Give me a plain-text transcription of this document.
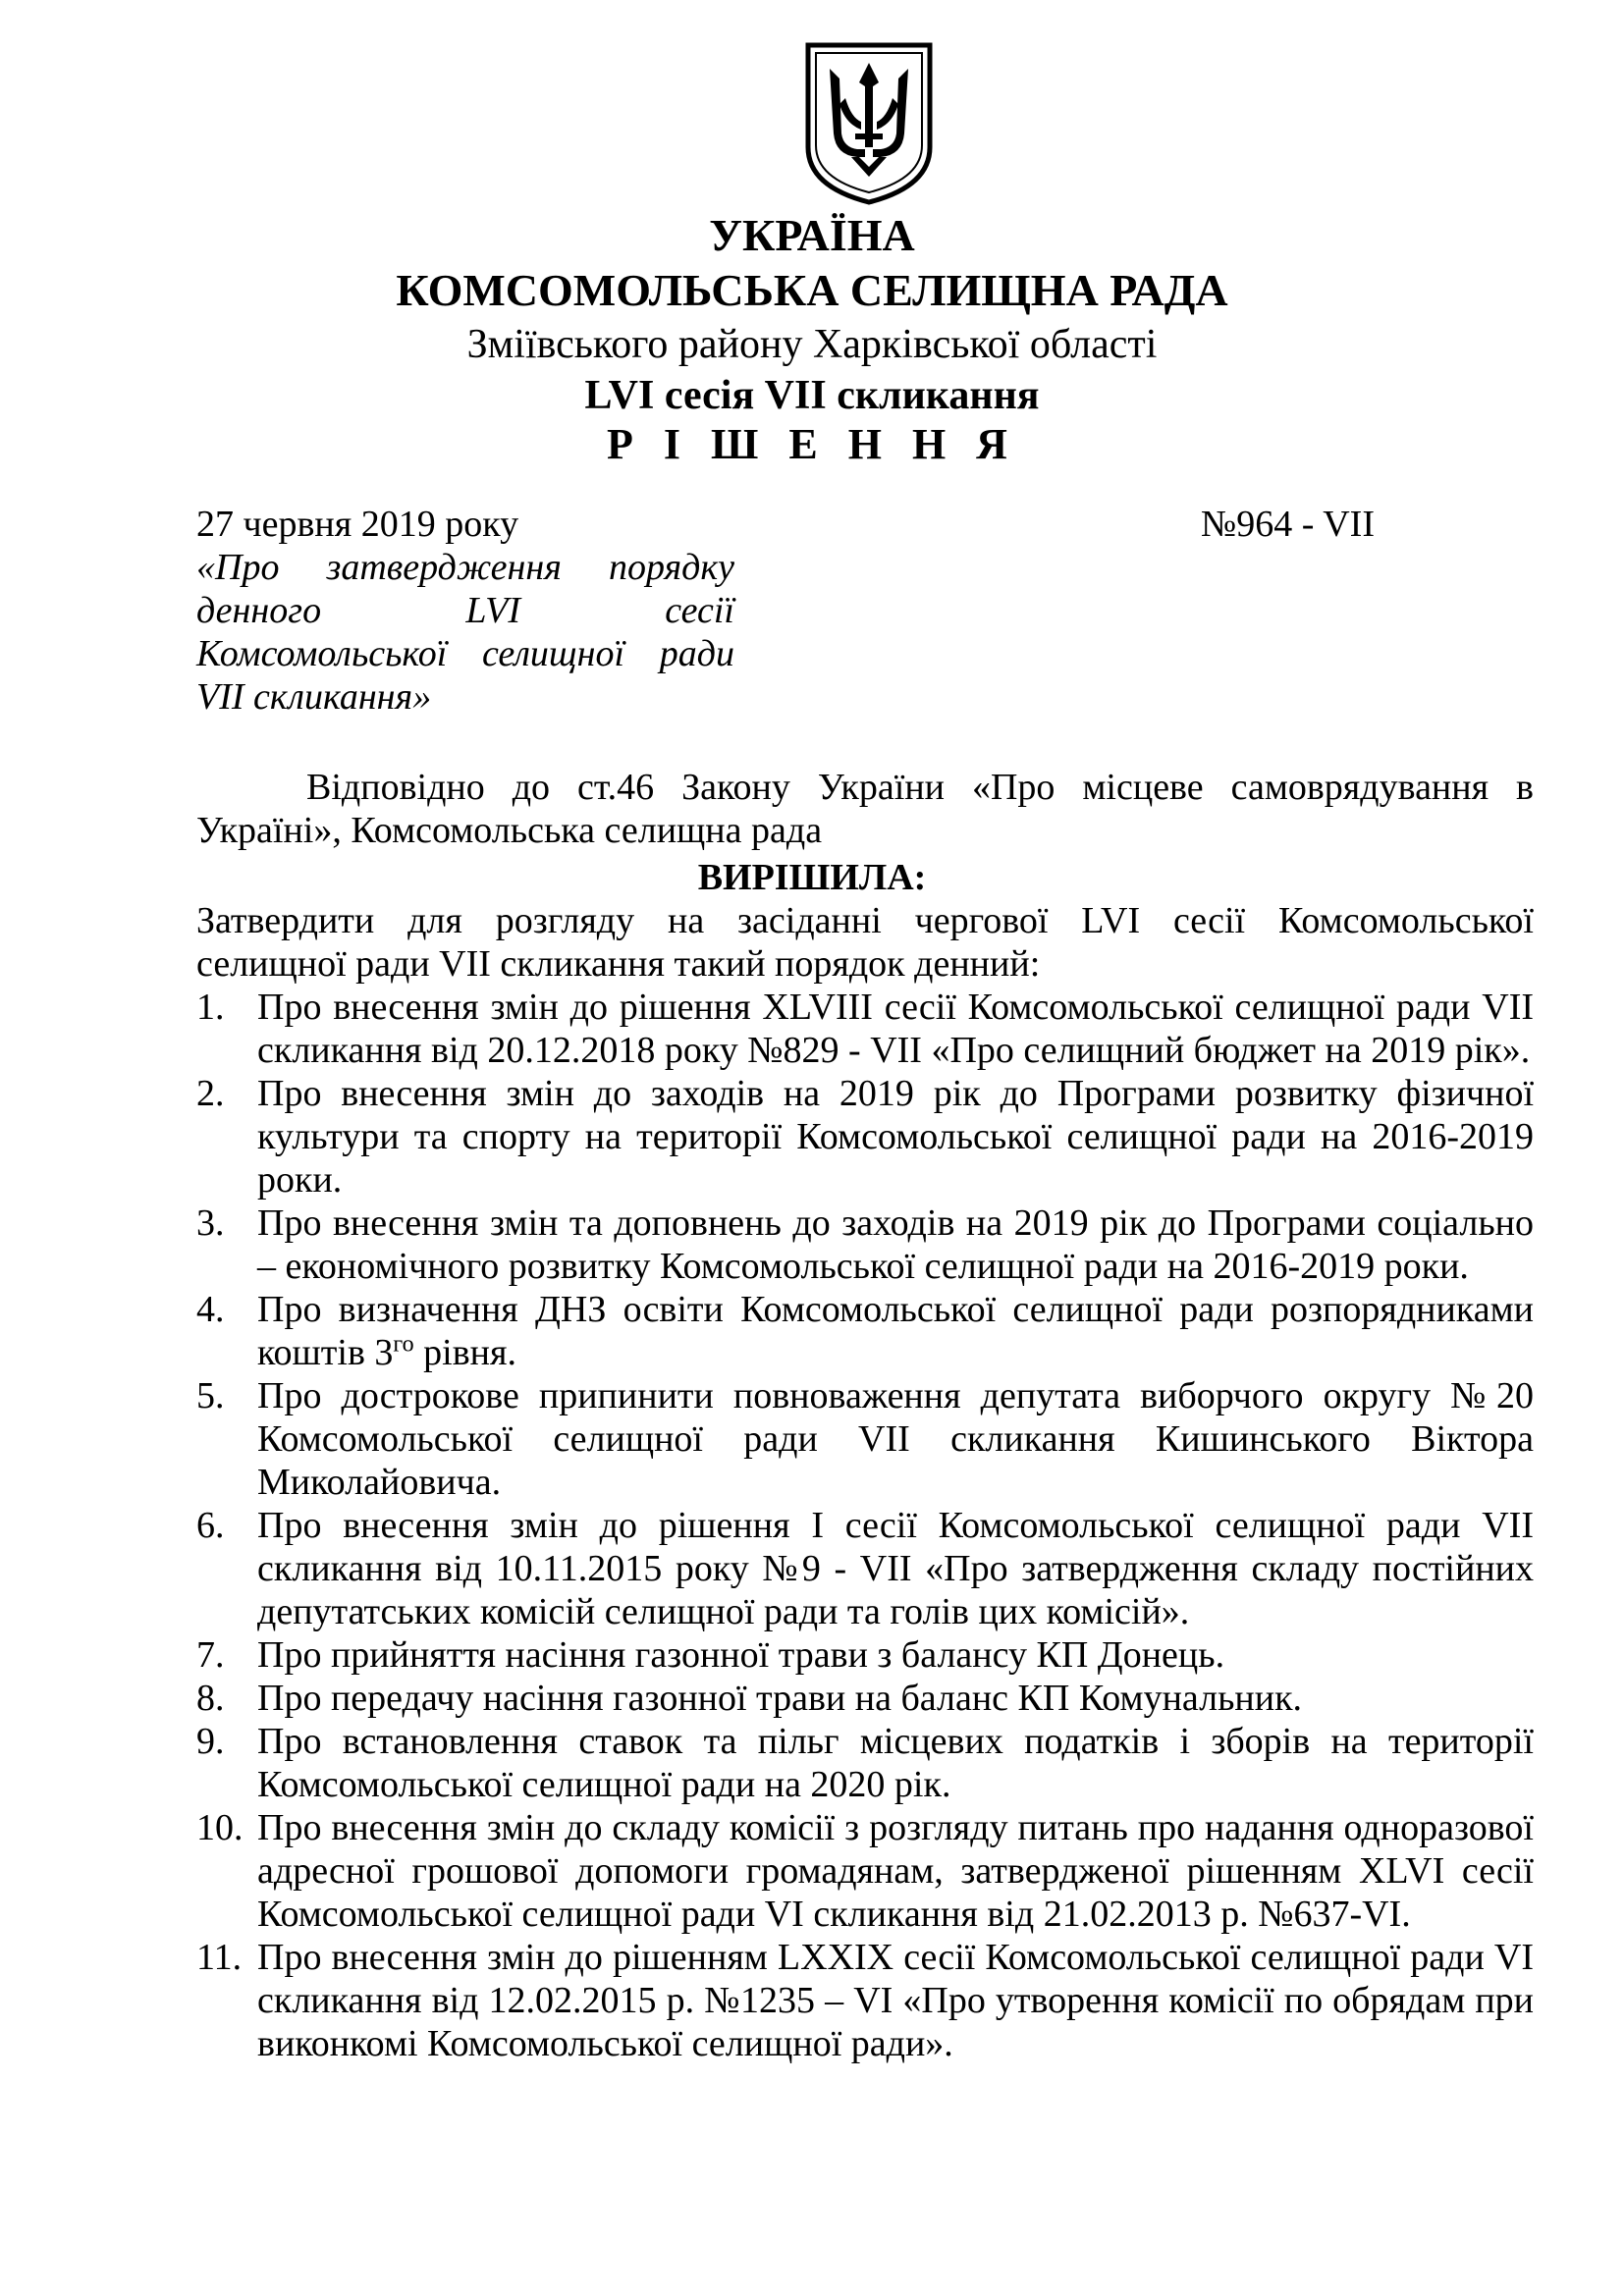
УКРАЇНА
КОМСОМОЛЬСЬКА СЕЛИЩНА РАДА
Зміївського району Харківської області
LVI сесія VII скликання
Р І Ш Е Н Н Я
27 червня 2019 року	№964 - VII
«Про затвердження порядку
денного LVI сесії
Комсомольської селищної ради
VII скликання»
Відповідно до ст.46 Закону України «Про місцеве самоврядування в
Україні», Комсомольська селищна рада
ВИРІШИЛА:
Затвердити для розгляду на засіданні чергової LVI сесії Комсомольської
селищної ради VII скликання такий порядок денний:
1. Про внесення змін до рішення XLVIII сесії Комсомольської селищної ради VII скликання від 20.12.2018 року №829 - VII «Про селищний бюджет на 2019 рік».
2. Про внесення змін до заходів на 2019 рік до Програми розвитку фізичної культури та спорту на території Комсомольської селищної ради на 2016-2019 роки.
3. Про внесення змін та доповнень до заходів на 2019 рік до Програми соціально – економічного розвитку Комсомольської селищної ради на 2016-2019 роки.
4. Про визначення ДНЗ освіти Комсомольської селищної ради розпорядниками коштів $3^{го}$ рівня.
5. Про дострокове припинити повноваження депутата виборчого округу №20 Комсомольської селищної ради VII скликання Кишинського Віктора Миколайовича.
6. Про внесення змін до рішення І сесії Комсомольської селищної ради VII скликання від 10.11.2015 року №9 - VII «Про затвердження складу постійних депутатських комісій селищної ради та голів цих комісій».
7. Про прийняття насіння газонної трави з балансу КП Донець.
8. Про передачу насіння газонної трави на баланс КП Комунальник.
9. Про встановлення ставок та пільг місцевих податків і зборів на території Комсомольської селищної ради на 2020 рік.
10. Про внесення змін до складу комісії з розгляду питань про надання одноразової адресної грошової допомоги громадянам, затвердженої рішенням XLVI сесії Комсомольської селищної ради VI скликання від 21.02.2013 р. №637-VI.
11. Про внесення змін до рішенням LXXIX сесії Комсомольської селищної ради VI скликання від 12.02.2015 р. №1235 – VI «Про утворення комісії по обрядам при виконкомі Комсомольської селищної ради».
